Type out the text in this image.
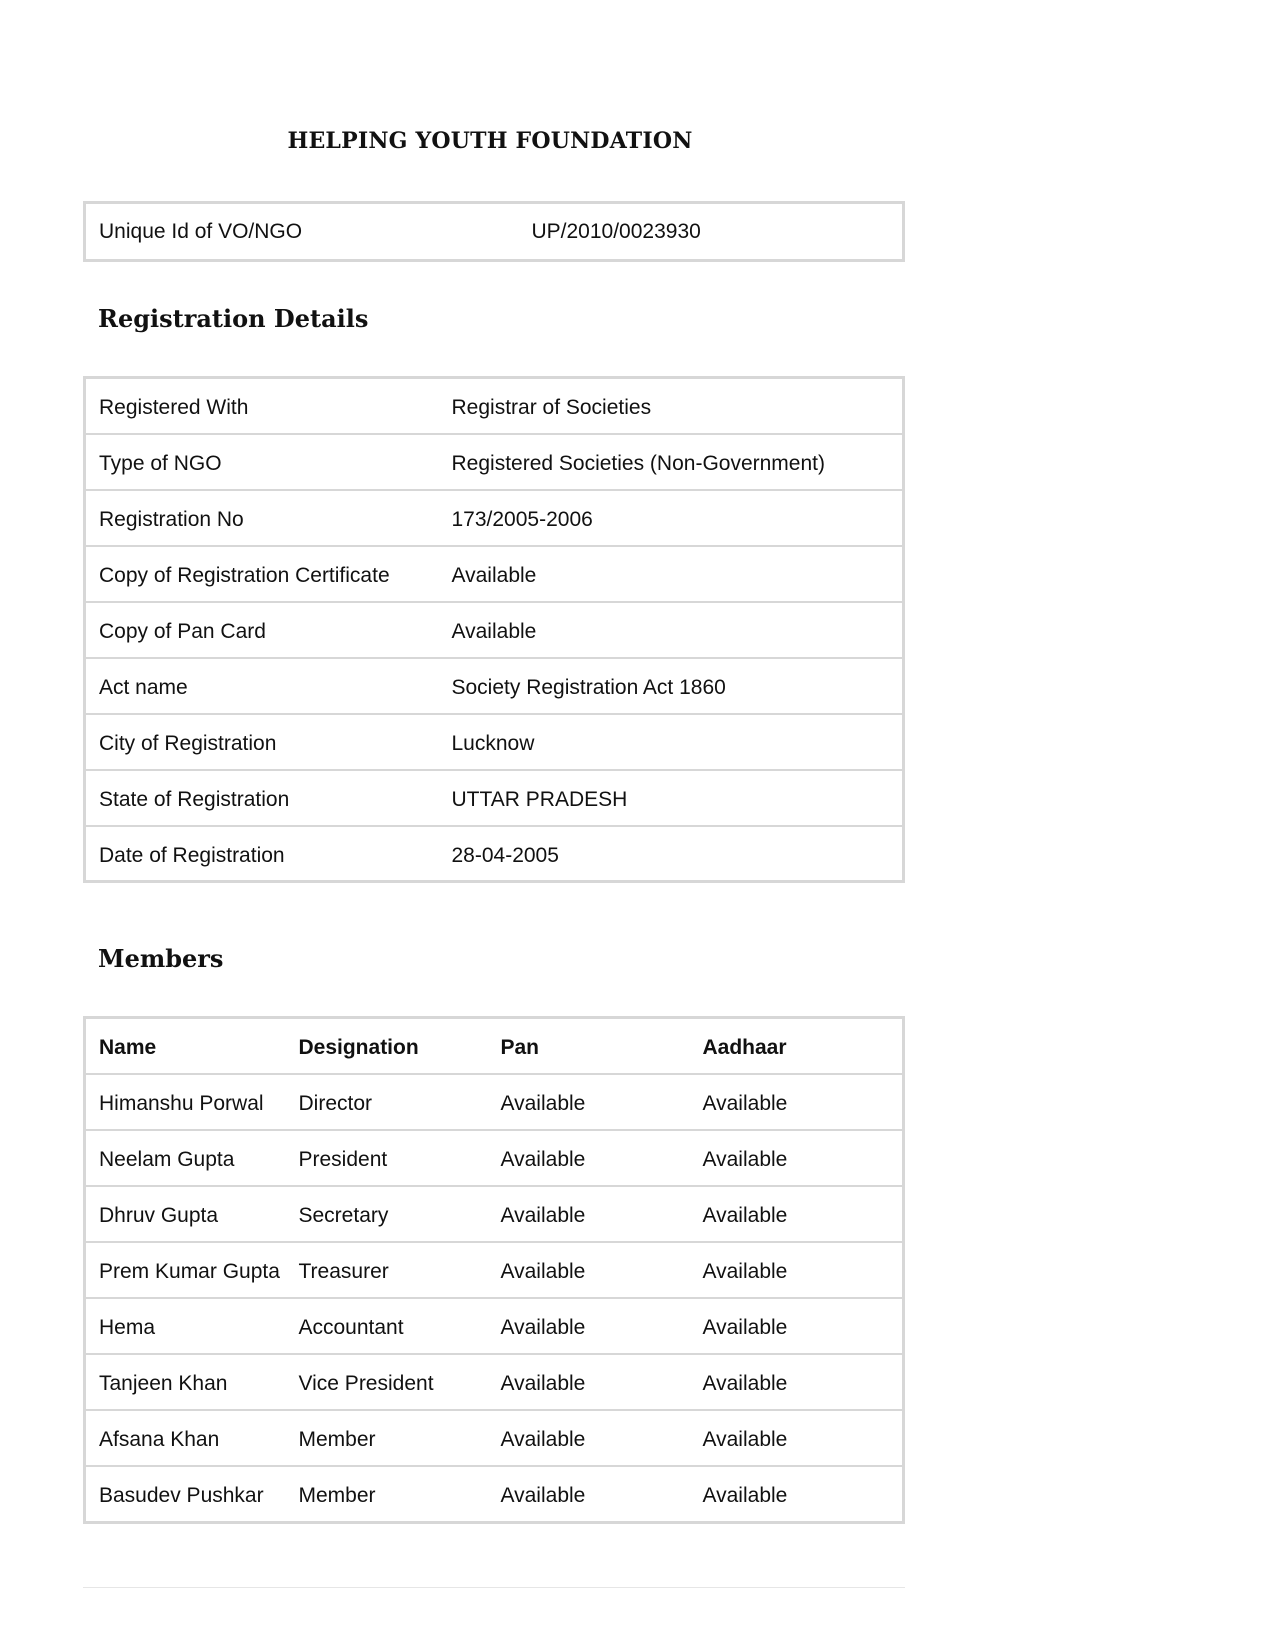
HELPING YOUTH FOUNDATION
Unique Id of VO/NGO	UP/2010/0023930
Registration Details
Registered With	Registrar of Societies
Type of NGO	Registered Societies (Non-Government)
Registration No	173/2005-2006
Copy of Registration Certificate	Available
Copy of Pan Card	Available
Act name	Society Registration Act 1860
City of Registration	Lucknow
State of Registration	UTTAR PRADESH
Date of Registration	28-04-2005
Members
Name	Designation	Pan	Aadhaar
Himanshu Porwal	Director	Available	Available
Neelam Gupta	President	Available	Available
Dhruv Gupta	Secretary	Available	Available
Prem Kumar Gupta	Treasurer	Available	Available
Hema	Accountant	Available	Available
Tanjeen Khan	Vice President	Available	Available
Afsana Khan	Member	Available	Available
Basudev Pushkar	Member	Available	Available
